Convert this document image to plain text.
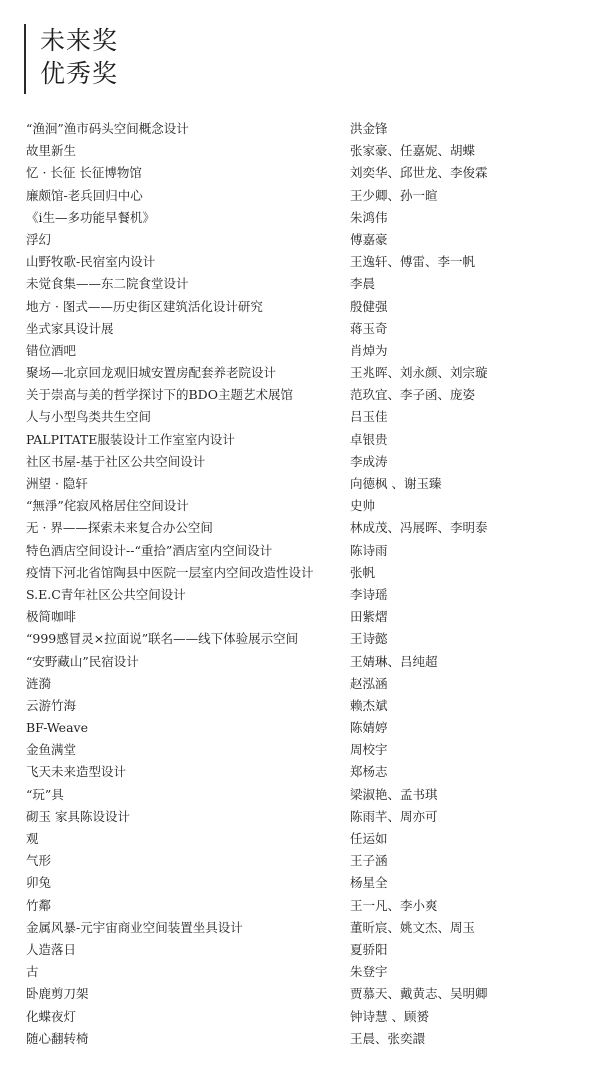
未来奖
优秀奖
“渔洄”渔市码头空间概念设计	洪金锋
故里新生	张家豪、任嘉妮、胡蝶
忆 · 长征 长征博物馆	刘奕华、邱世龙、李俊霖
廉颇馆-老兵回归中心	王少卿、孙一暄
《i生—多功能早餐机》	朱鸿伟
浮幻	傅嘉豪
山野牧歌-民宿室内设计	王逸轩、傅雷、李一帆
未觉食集——东二院食堂设计	李晨
地方 · 图式——历史街区建筑活化设计研究	殷健强
坐式家具设计展	蒋玉奇
错位酒吧	肖焯为
聚场—北京回龙观旧城安置房配套养老院设计	王兆晖、刘永颜、刘宗璇
关于崇高与美的哲学探讨下的BDO主题艺术展馆	范玖宜、李子函、庞姿
人与小型鸟类共生空间	吕玉佳
PALPITATE服装设计工作室室内设计	卓银贵
社区书屋-基于社区公共空间设计	李成涛
洲望 · 隐轩	向德枫 、谢玉臻
“無淨”侘寂风格居住空间设计	史帅
无 · 界——探索未来复合办公空间	林成茂、冯展晖、李明泰
特色酒店空间设计--“重拾”酒店室内空间设计	陈诗雨
疫情下河北省馆陶县中医院一层室内空间改造性设计	张帆
S.E.C青年社区公共空间设计	李诗瑶
极简咖啡	田紫熠
“999感冒灵×拉面说”联名——线下体验展示空间	王诗懿
“安野藏山”民宿设计	王婧琳、吕纯超
涟漪	赵泓涵
云游竹海	赖杰斌
BF-Weave	陈婧婷
金鱼满堂	周校宇
飞天未来造型设计	郑杨志
“玩”具	梁淑艳、孟书琪
砌玉 家具陈设设计	陈雨芊、周亦可
观	任运如
气形	王子涵
卯兔	杨星全
竹鄰	王一凡、李小爽
金属风暴-元宇宙商业空间装置坐具设计	董昕宸、姚文杰、周玉
人造落日	夏骄阳
古	朱登宇
卧鹿剪刀架	贾慕天、戴黄志、吴明卿
化蝶夜灯	钟诗慧 、顾赟
随心翻转椅	王晨、张奕譞
